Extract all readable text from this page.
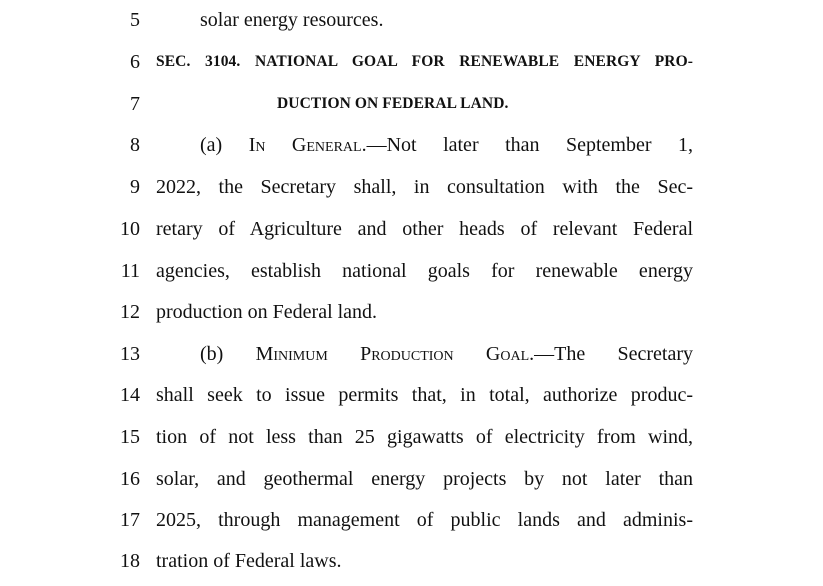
5	solar energy resources.
6 SEC. 3104. NATIONAL GOAL FOR RENEWABLE ENERGY PRO-
7	DUCTION ON FEDERAL LAND.
8	(a) In General.—Not later than September 1,
9 2022, the Secretary shall, in consultation with the Sec-
10 retary of Agriculture and other heads of relevant Federal
11 agencies, establish national goals for renewable energy
12 production on Federal land.
13	(b) Minimum Production Goal.—The Secretary
14 shall seek to issue permits that, in total, authorize produc-
15 tion of not less than 25 gigawatts of electricity from wind,
16 solar, and geothermal energy projects by not later than
17 2025, through management of public lands and adminis-
18 tration of Federal laws.
